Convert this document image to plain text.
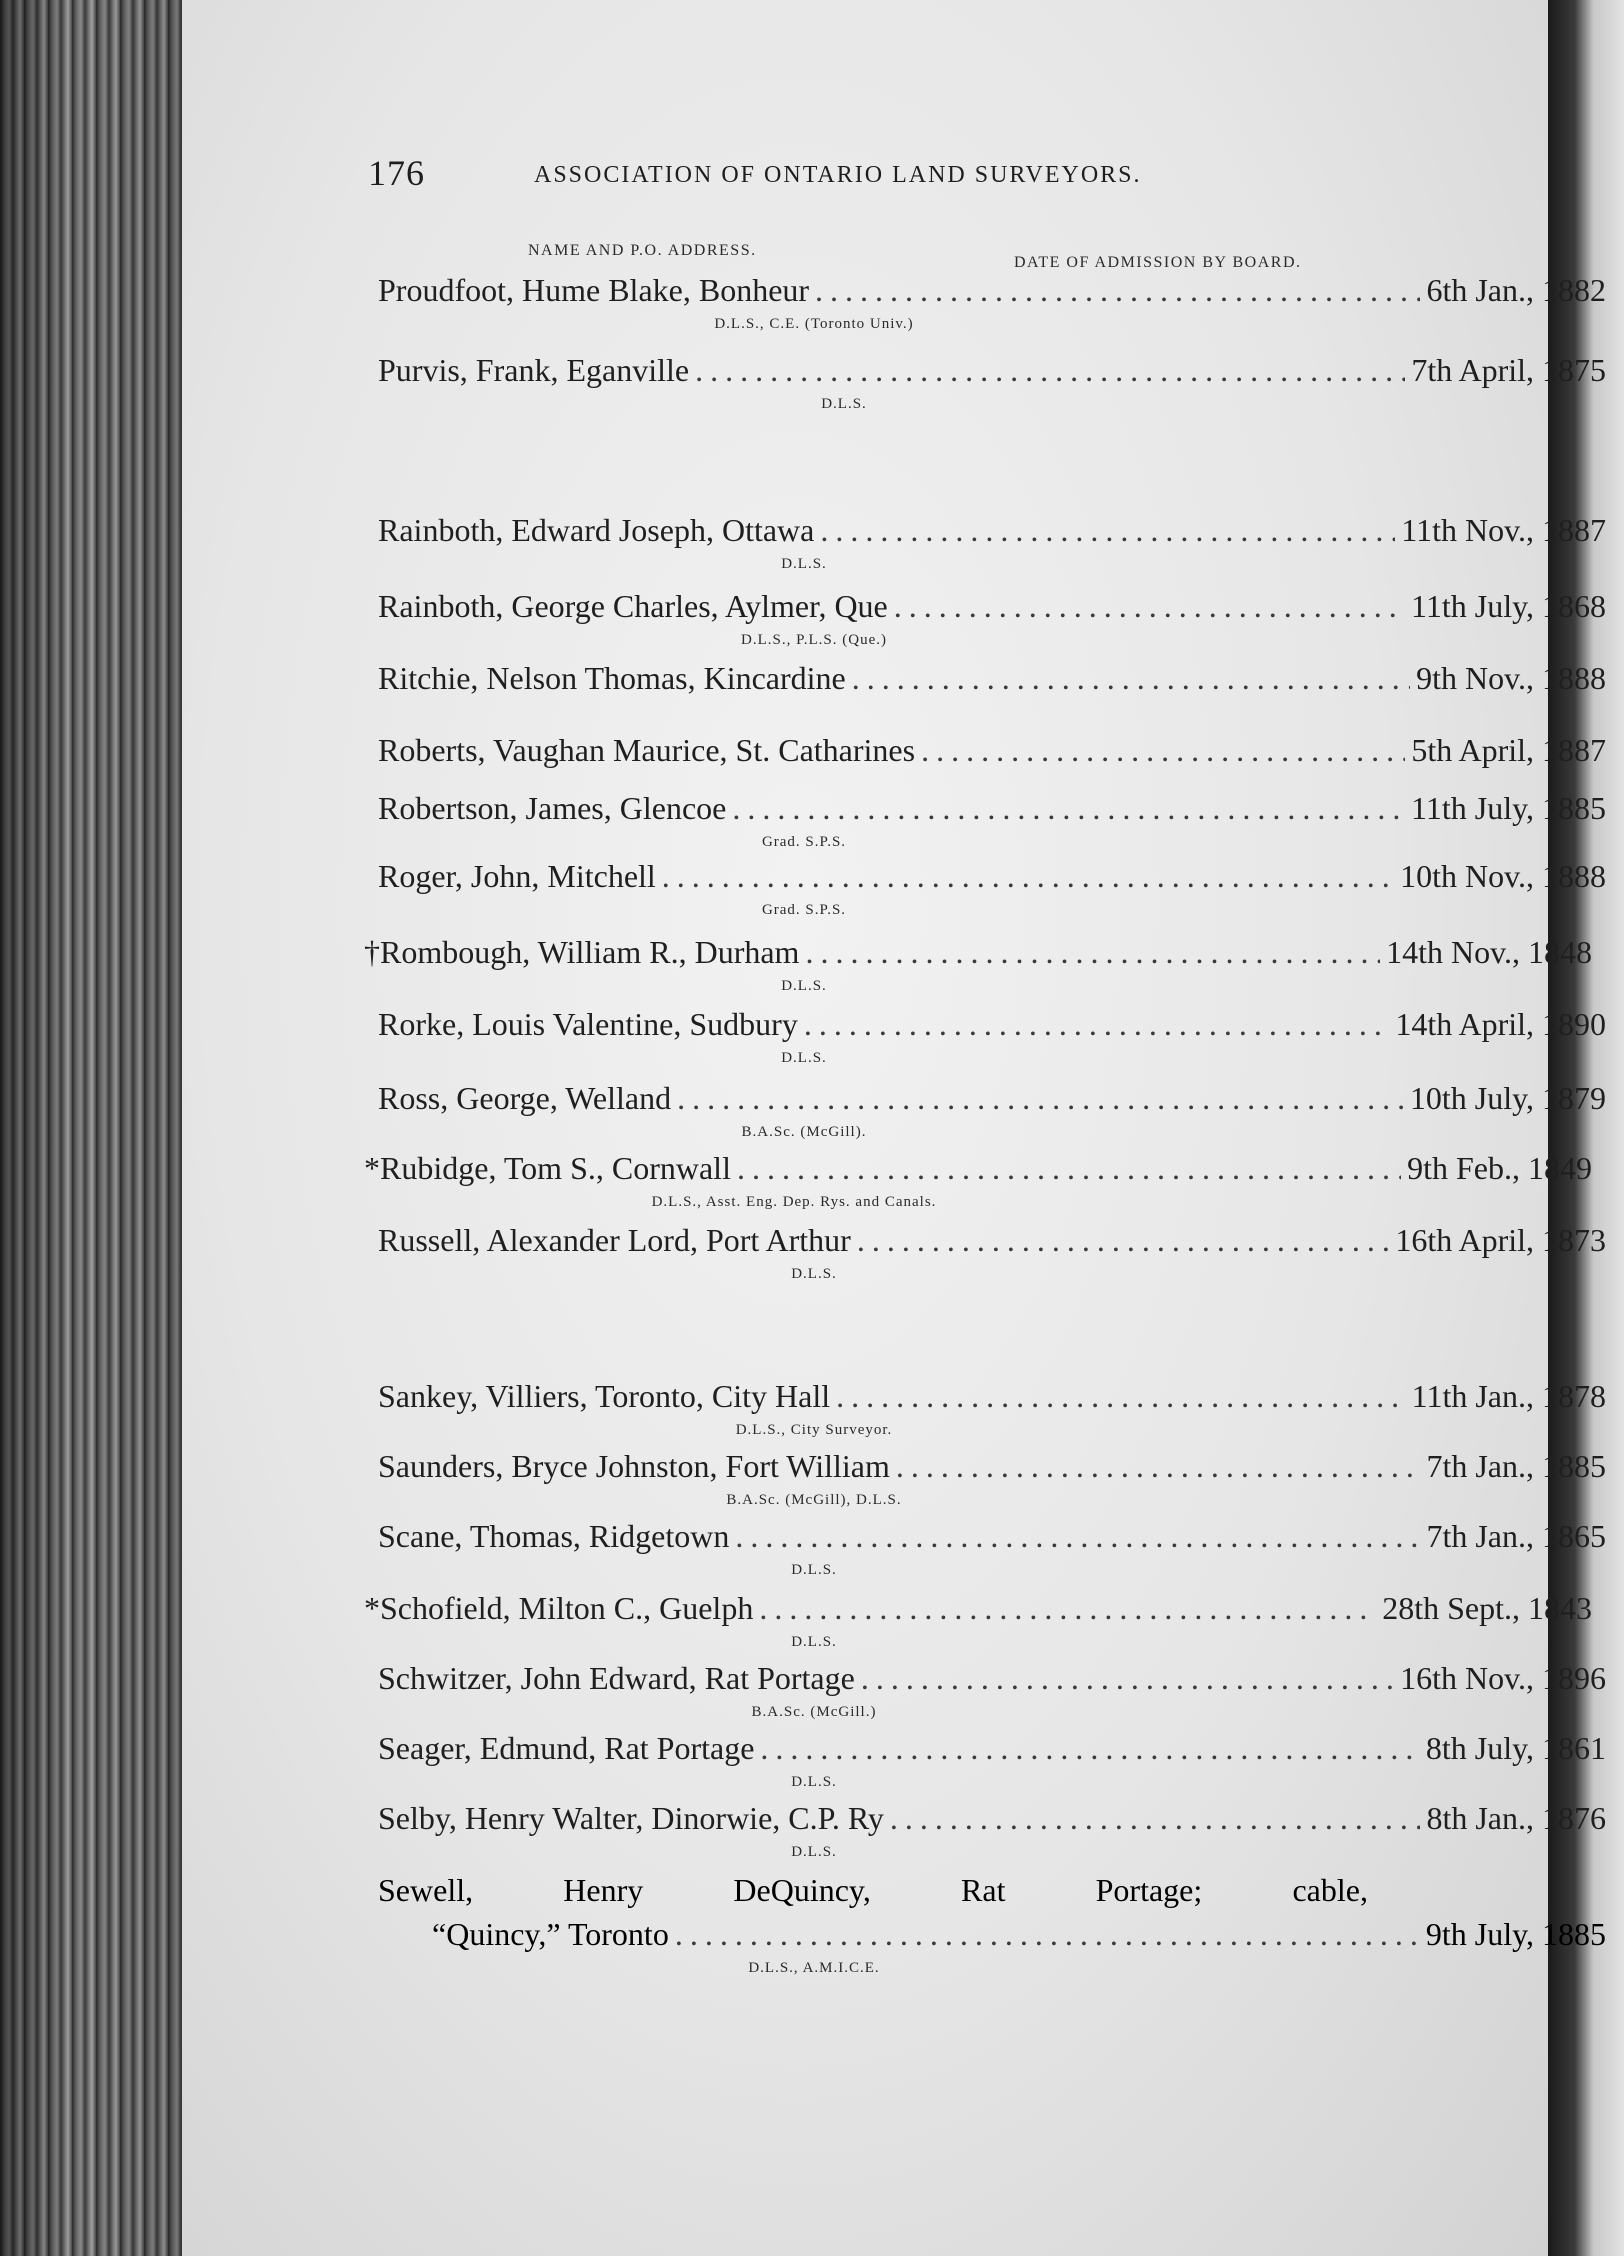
176	ASSOCIATION OF ONTARIO LAND SURVEYORS.
NAME AND P.O. ADDRESS.
DATE OF ADMISSION BY BOARD.
Proudfoot, Hume Blake, Bonheur .....	6th Jan., 1882
D.L.S., C.E. (Toronto Univ.)
Purvis, Frank, Eganville .....	7th April, 1875
D.L.S.
Rainboth, Edward Joseph, Ottawa .....	11th Nov., 1887
D.L.S.
Rainboth, George Charles, Aylmer, Que .....	11th July, 1868
D.L.S., P.L.S. (Que.)
Ritchie, Nelson Thomas, Kincardine .....	9th Nov., 1888
Roberts, Vaughan Maurice, St. Catharines .....	5th April, 1887
Robertson, James, Glencoe .....	11th July, 1885
Grad. S.P.S.
Roger, John, Mitchell .....	10th Nov., 1888
Grad. S.P.S.
†Rombough, William R., Durham .....	14th Nov., 1848
D.L.S.
Rorke, Louis Valentine, Sudbury .....	14th April, 1890
D.L.S.
Ross, George, Welland .....	10th July, 1879
B.A.Sc. (McGill).
*Rubidge, Tom S., Cornwall .....	9th Feb., 1849
D.L.S., Asst. Eng. Dep. Rys. and Canals.
Russell, Alexander Lord, Port Arthur .....	16th April, 1873
D.L.S.
Sankey, Villiers, Toronto, City Hall .....	11th Jan., 1878
D.L.S., City Surveyor.
Saunders, Bryce Johnston, Fort William .....	7th Jan., 1885
B.A.Sc. (McGill), D.L.S.
Scane, Thomas, Ridgetown .....	7th Jan., 1865
D.L.S.
*Schofield, Milton C., Guelph .....	28th Sept., 1843
D.L.S.
Schwitzer, John Edward, Rat Portage .....	16th Nov., 1896
B.A.Sc. (McGill.)
Seager, Edmund, Rat Portage .....	8th July, 1861
D.L.S.
Selby, Henry Walter, Dinorwie, C.P. Ry .....	8th Jan., 1876
D.L.S.
Sewell,	Henry	DeQuincy,	Rat	Portage;	cable,
“Quincy,” Toronto .....	9th July, 1885
D.L.S., A.M.I.C.E.
